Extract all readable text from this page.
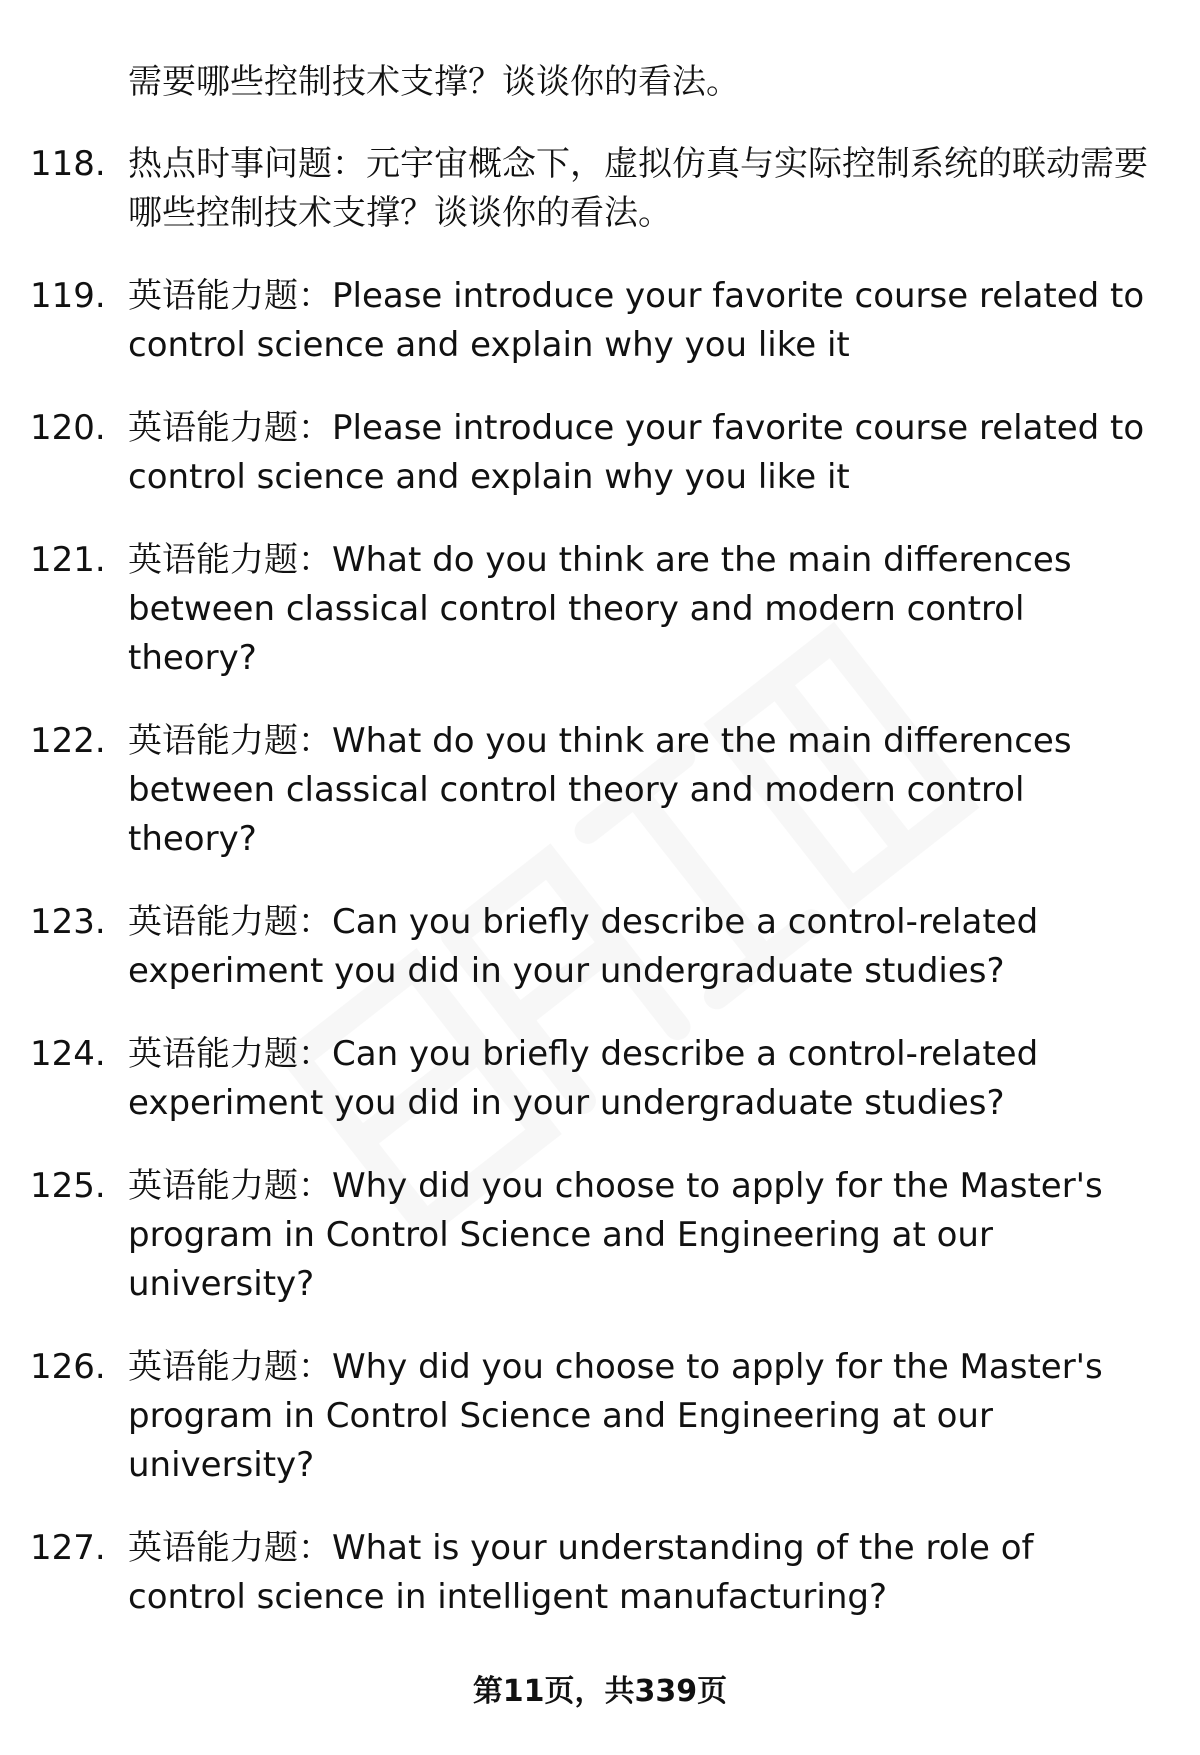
需要哪些控制技术支撑？谈谈你的看法。

118. 热点时事问题：元宇宙概念下，虚拟仿真与实际控制系统的联动需要哪些控制技术支撑？谈谈你的看法。
119. 英语能力题：Please introduce your favorite course related to control science and explain why you like it
120. 英语能力题：Please introduce your favorite course related to control science and explain why you like it
121. 英语能力题：What do you think are the main differences between classical control theory and modern control theory?
122. 英语能力题：What do you think are the main differences between classical control theory and modern control theory?
123. 英语能力题：Can you briefly describe a control-related experiment you did in your undergraduate studies?
124. 英语能力题：Can you briefly describe a control-related experiment you did in your undergraduate studies?
125. 英语能力题：Why did you choose to apply for the Master's program in Control Science and Engineering at our university?
126. 英语能力题：Why did you choose to apply for the Master's program in Control Science and Engineering at our university?
127. 英语能力题：What is your understanding of the role of control science in intelligent manufacturing?
第11页，共339页
